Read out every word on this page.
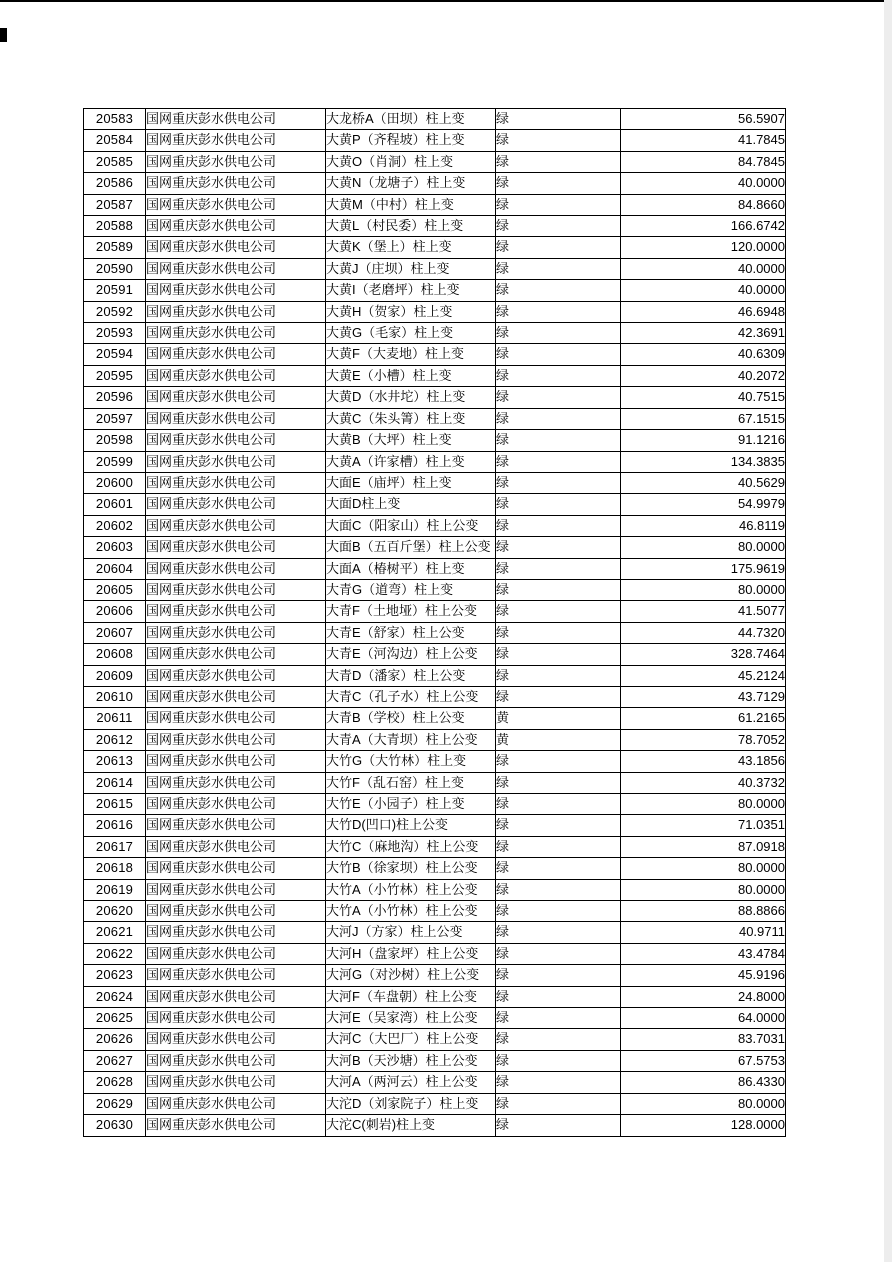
20583	国网重庆彭水供电公司	大龙桥A（田坝）柱上变	绿	56.5907
20584	国网重庆彭水供电公司	大黄P（齐程坡）柱上变	绿	41.7845
20585	国网重庆彭水供电公司	大黄O（肖洞）柱上变	绿	84.7845
20586	国网重庆彭水供电公司	大黄N（龙塘子）柱上变	绿	40.0000
20587	国网重庆彭水供电公司	大黄M（中村）柱上变	绿	84.8660
20588	国网重庆彭水供电公司	大黄L（村民委）柱上变	绿	166.6742
20589	国网重庆彭水供电公司	大黄K（堡上）柱上变	绿	120.0000
20590	国网重庆彭水供电公司	大黄J（庄坝）柱上变	绿	40.0000
20591	国网重庆彭水供电公司	大黄I（老磨坪）柱上变	绿	40.0000
20592	国网重庆彭水供电公司	大黄H（贺家）柱上变	绿	46.6948
20593	国网重庆彭水供电公司	大黄G（毛家）柱上变	绿	42.3691
20594	国网重庆彭水供电公司	大黄F（大麦地）柱上变	绿	40.6309
20595	国网重庆彭水供电公司	大黄E（小槽）柱上变	绿	40.2072
20596	国网重庆彭水供电公司	大黄D（水井坨）柱上变	绿	40.7515
20597	国网重庆彭水供电公司	大黄C（朱头箐）柱上变	绿	67.1515
20598	国网重庆彭水供电公司	大黄B（大坪）柱上变	绿	91.1216
20599	国网重庆彭水供电公司	大黄A（许家槽）柱上变	绿	134.3835
20600	国网重庆彭水供电公司	大面E（庙坪）柱上变	绿	40.5629
20601	国网重庆彭水供电公司	大面D柱上变	绿	54.9979
20602	国网重庆彭水供电公司	大面C（阳家山）柱上公变	绿	46.8119
20603	国网重庆彭水供电公司	大面B（五百斤堡）柱上公变	绿	80.0000
20604	国网重庆彭水供电公司	大面A（椿树平）柱上变	绿	175.9619
20605	国网重庆彭水供电公司	大青G（道弯）柱上变	绿	80.0000
20606	国网重庆彭水供电公司	大青F（土地垭）柱上公变	绿	41.5077
20607	国网重庆彭水供电公司	大青E（舒家）柱上公变	绿	44.7320
20608	国网重庆彭水供电公司	大青E（河沟边）柱上公变	绿	328.7464
20609	国网重庆彭水供电公司	大青D（潘家）柱上公变	绿	45.2124
20610	国网重庆彭水供电公司	大青C（孔子水）柱上公变	绿	43.7129
20611	国网重庆彭水供电公司	大青B（学校）柱上公变	黄	61.2165
20612	国网重庆彭水供电公司	大青A（大青坝）柱上公变	黄	78.7052
20613	国网重庆彭水供电公司	大竹G（大竹林）柱上变	绿	43.1856
20614	国网重庆彭水供电公司	大竹F（乱石窑）柱上变	绿	40.3732
20615	国网重庆彭水供电公司	大竹E（小园子）柱上变	绿	80.0000
20616	国网重庆彭水供电公司	大竹D(凹口)柱上公变	绿	71.0351
20617	国网重庆彭水供电公司	大竹C（麻地沟）柱上公变	绿	87.0918
20618	国网重庆彭水供电公司	大竹B（徐家坝）柱上公变	绿	80.0000
20619	国网重庆彭水供电公司	大竹A（小竹林）柱上公变	绿	80.0000
20620	国网重庆彭水供电公司	大竹A（小竹林）柱上公变	绿	88.8866
20621	国网重庆彭水供电公司	大河J（方家）柱上公变	绿	40.9711
20622	国网重庆彭水供电公司	大河H（盘家坪）柱上公变	绿	43.4784
20623	国网重庆彭水供电公司	大河G（对沙树）柱上公变	绿	45.9196
20624	国网重庆彭水供电公司	大河F（车盘朝）柱上公变	绿	24.8000
20625	国网重庆彭水供电公司	大河E（吴家湾）柱上公变	绿	64.0000
20626	国网重庆彭水供电公司	大河C（大巴厂）柱上公变	绿	83.7031
20627	国网重庆彭水供电公司	大河B（天沙塘）柱上公变	绿	67.5753
20628	国网重庆彭水供电公司	大河A（两河云）柱上公变	绿	86.4330
20629	国网重庆彭水供电公司	大沱D（刘家院子）柱上变	绿	80.0000
20630	国网重庆彭水供电公司	大沱C(刺岩)柱上变	绿	128.0000
